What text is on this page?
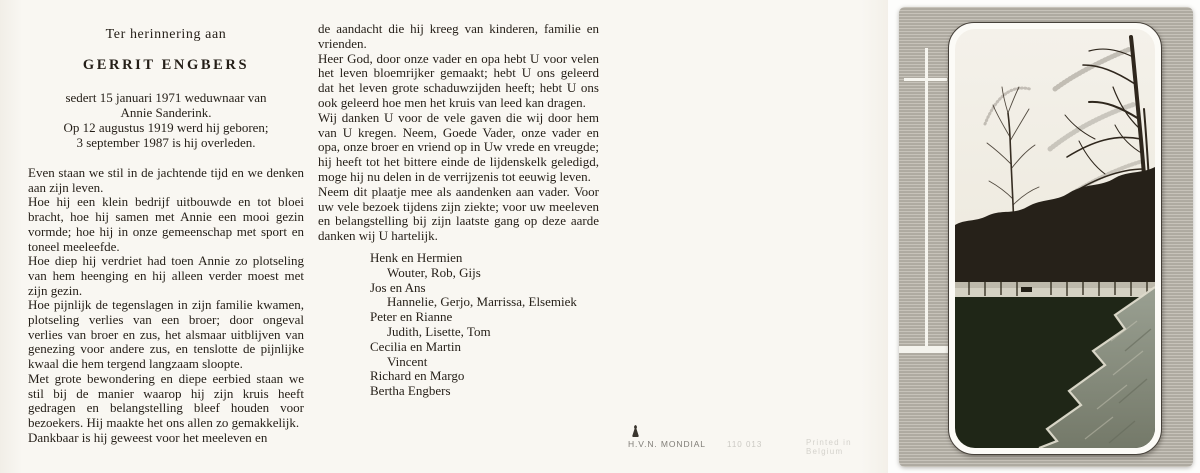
Ter herinnering aan
GERRIT ENGBERS
sedert 15 januari 1971 weduwnaar van
Annie Sanderink.
Op 12 augustus 1919 werd hij geboren;
3 september 1987 is hij overleden.

Even staan we stil in de jachtende tijd en we denken aan zijn leven.

Hoe hij een klein bedrijf uitbouwde en tot bloei bracht, hoe hij samen met Annie een mooi gezin vormde; hoe hij in onze gemeenschap met sport en toneel meeleefde.

Hoe diep hij verdriet had toen Annie zo plotseling van hem heenging en hij alleen verder moest met zijn gezin.

Hoe pijnlijk de tegenslagen in zijn familie kwamen, plotseling verlies van een broer; door ongeval verlies van broer en zus, het alsmaar uitblijven van genezing voor andere zus, en tenslotte de pijnlijke kwaal die hem tergend langzaam sloopte.

Met grote bewondering en diepe eerbied staan we stil bij de manier waarop hij zijn kruis heeft gedragen en belangstelling bleef houden voor bezoekers. Hij maakte het ons allen zo gemakkelijk.

Dankbaar is hij geweest voor het meeleven en

de aandacht die hij kreeg van kinderen, familie en vrienden.

Heer God, door onze vader en opa hebt U voor velen het leven bloemrijker gemaakt; hebt U ons geleerd dat het leven grote schaduwzijden heeft; hebt U ons ook geleerd hoe men het kruis van leed kan dragen.

Wij danken U voor de vele gaven die wij door hem van U kregen. Neem, Goede Vader, onze vader en opa, onze broer en vriend op in Uw vrede en vreugde; hij heeft tot het bittere einde de lijdenskelk geledigd, moge hij nu delen in de verrijzenis tot eeuwig leven.

Neem dit plaatje mee als aandenken aan vader. Voor uw vele bezoek tijdens zijn ziekte; voor uw meeleven en belangstelling bij zijn laatste gang op deze aarde danken wij U hartelijk.

Henk en Hermien
Wouter, Rob, Gijs
Jos en Ans
Hannelie, Gerjo, Marrissa, Elsemiek
Peter en Rianne
Judith, Lisette, Tom
Cecilia en Martin
Vincent
Richard en Margo
Bertha Engbers
H.V.N. MONDIAL	110 013	Printed in Belgium
